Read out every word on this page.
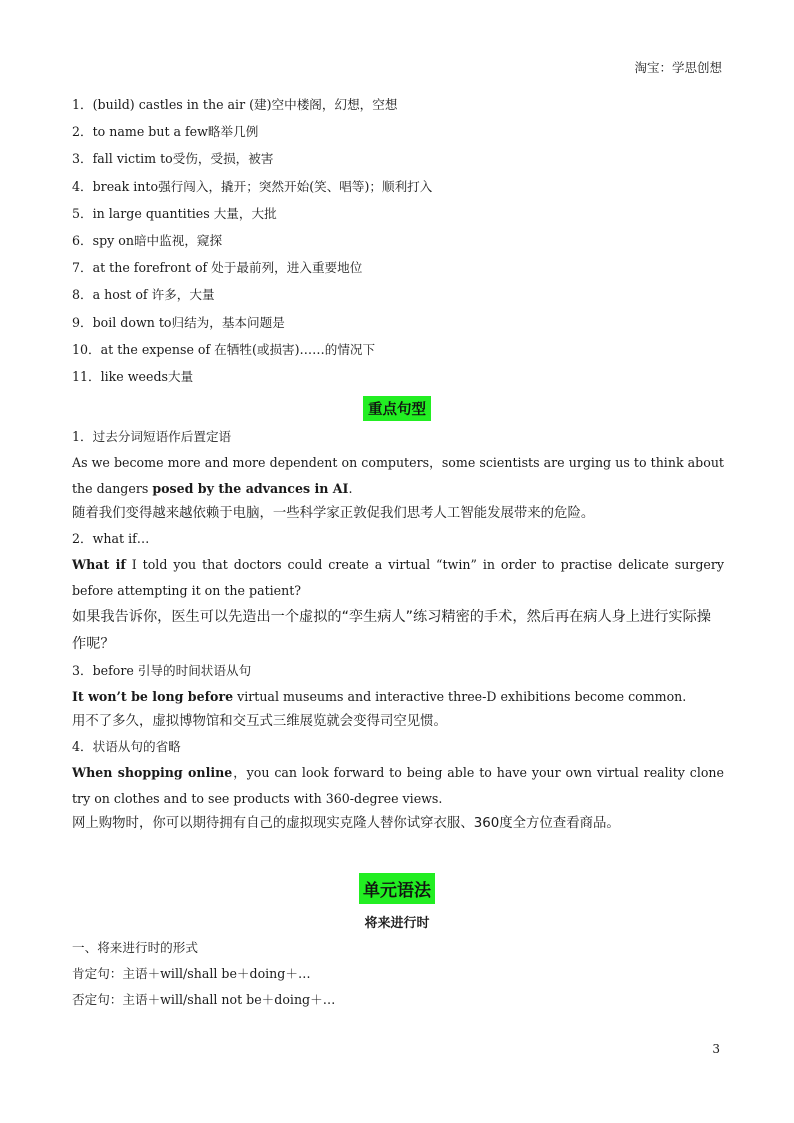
淘宝：学思创想
1．(build) castles in the air (建)空中楼阁，幻想，空想
2．to name but a few略举几例
3．fall victim to受伤，受损，被害
4．break into强行闯入，撬开；突然开始(笑、唱等)；顺利打入
5．in large quantities 大量，大批
6．spy on暗中监视，窥探
7．at the forefront of 处于最前列，进入重要地位
8．a host of 许多，大量
9．boil down to归结为，基本问题是
10．at the expense of 在牺牲(或损害)……的情况下
11．like weeds大量
重点句型
1．过去分词短语作后置定语
As we become more and more dependent on computers，some scientists are urging us to think about the dangers posed by the advances in AI.
随着我们变得越来越依赖于电脑，一些科学家正敦促我们思考人工智能发展带来的危险。
2．what if…
What if I told you that doctors could create a virtual “twin” in order to practise delicate surgery before attempting it on the patient?
如果我告诉你，医生可以先造出一个虚拟的“孪生病人”练习精密的手术，然后再在病人身上进行实际操作呢？
3．before 引导的时间状语从句
It won’t be long before virtual museums and interactive three-D exhibitions become common.
用不了多久，虚拟博物馆和交互式三维展览就会变得司空见惯。
4．状语从句的省略
When shopping online，you can look forward to being able to have your own virtual reality clone try on clothes and to see products with 360-degree views.
网上购物时，你可以期待拥有自己的虚拟现实克隆人替你试穿衣服、360度全方位查看商品。
单元语法
将来进行时
一、将来进行时的形式
肯定句：主语＋will/shall be＋doing＋…
否定句：主语＋will/shall not be＋doing＋…
3
